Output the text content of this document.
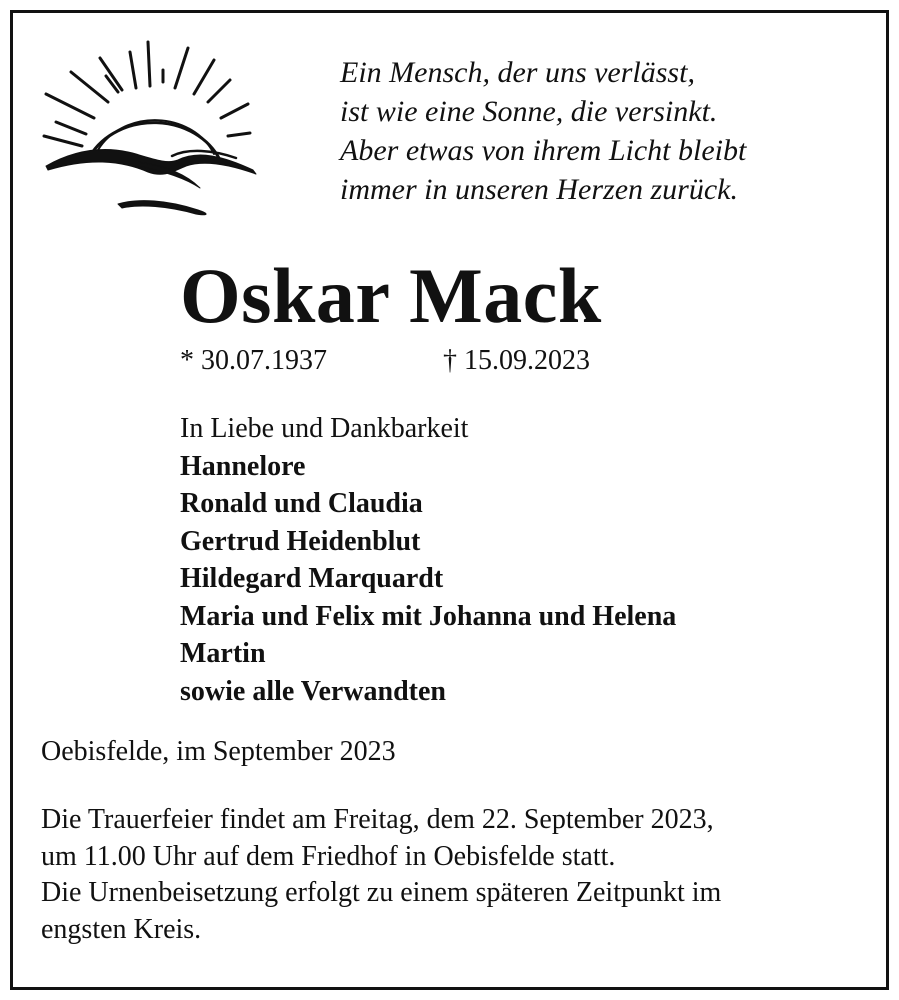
Ein Mensch, der uns verlässt,
ist wie eine Sonne, die versinkt.
Aber etwas von ihrem Licht bleibt
immer in unseren Herzen zurück.
Oskar Mack
* 30.07.1937	† 15.09.2023
In Liebe und Dankbarkeit
Hannelore
Ronald und Claudia
Gertrud Heidenblut
Hildegard Marquardt
Maria und Felix mit Johanna und Helena
Martin
sowie alle Verwandten
Oebisfelde, im September 2023
Die Trauerfeier findet am Freitag, dem 22. September 2023,
um 11.00 Uhr auf dem Friedhof in Oebisfelde statt.
Die Urnenbeisetzung erfolgt zu einem späteren Zeitpunkt im
engsten Kreis.
